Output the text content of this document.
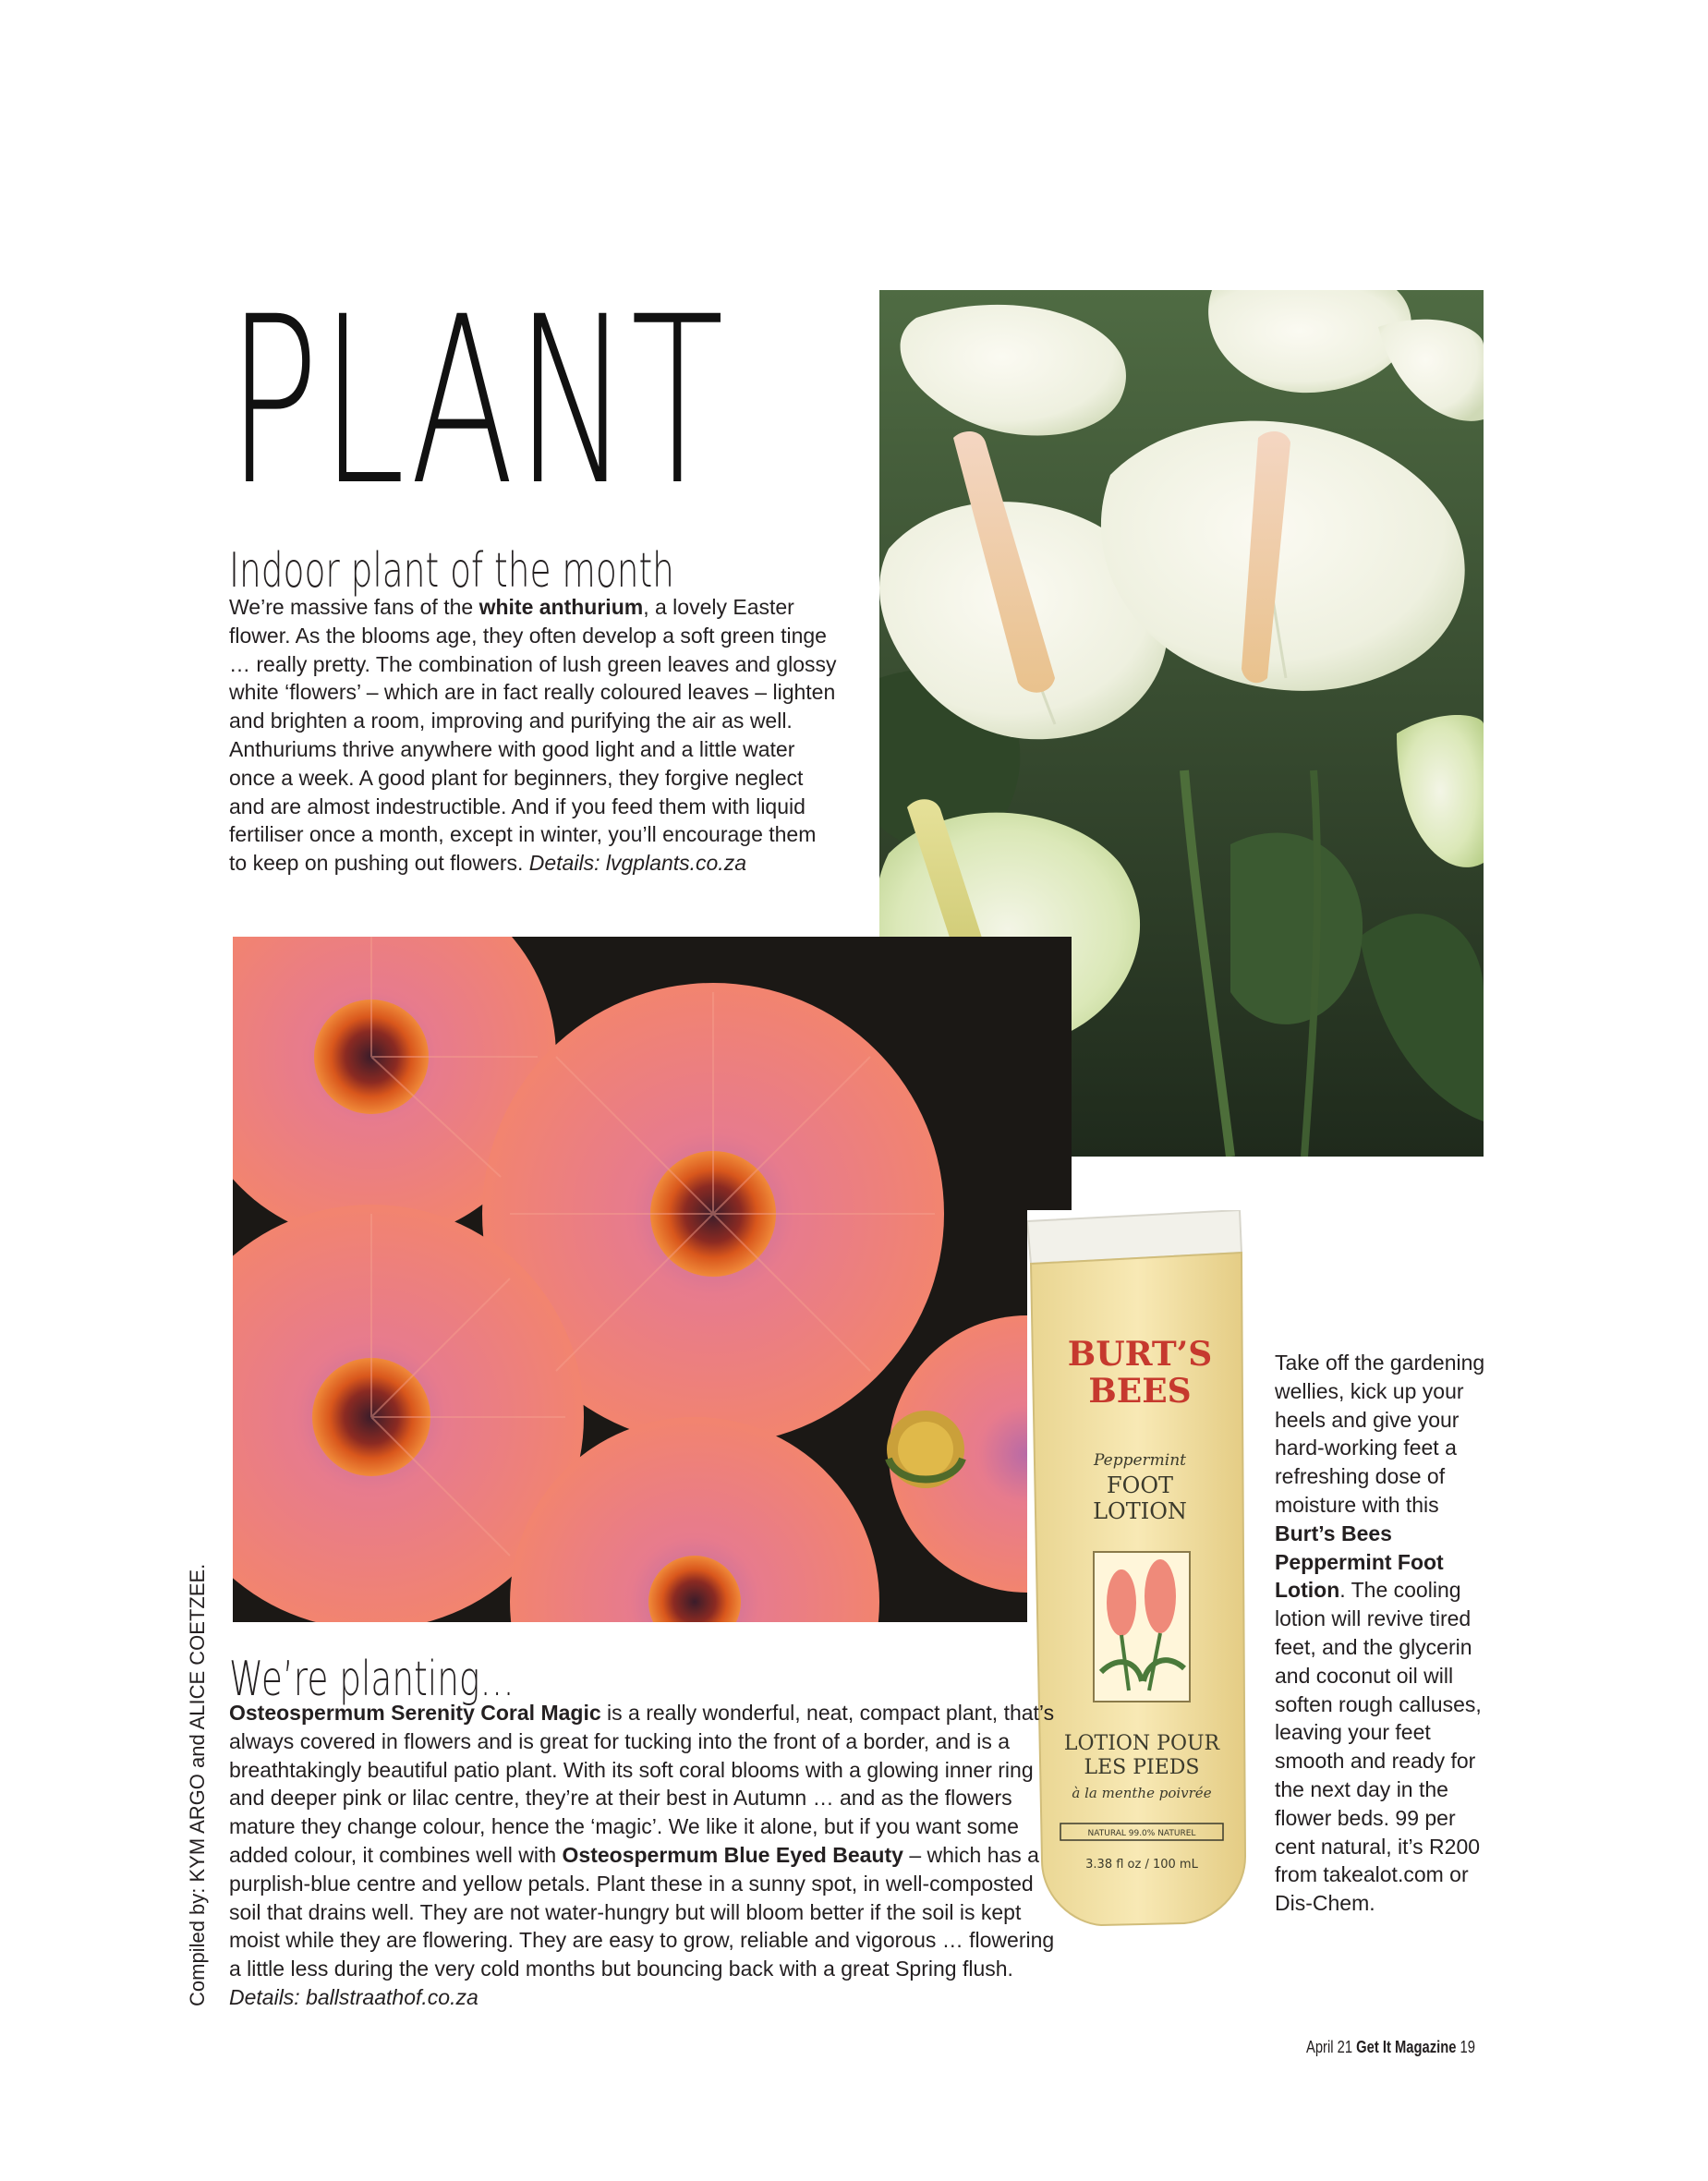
PLANT
Indoor plant of the month

We’re massive fans of the white anthurium, a lovely Easter flower. As the blooms age, they often develop a soft green tinge … really pretty. The combination of lush green leaves and glossy white ‘flowers’ – which are in fact really coloured leaves – lighten and brighten a room, improving and purifying the air as well. Anthuriums thrive anywhere with good light and a little water once a week. A good plant for beginners, they forgive neglect and are almost indestructible. And if you feed them with liquid fertiliser once a month, except in winter, you’ll encourage them to keep on pushing out flowers. Details: lvgplants.co.za

BURT’S
BEES
Peppermint
FOOT
LOTION
LOTION POUR
LES PIEDS
à la menthe poivrée
NATURAL 99.0% NATUREL
3.38 fl oz / 100 mL

Take off the gardening wellies, kick up your heels and give your hard-working feet a refreshing dose of moisture with this Burt’s Bees Peppermint Foot Lotion. The cooling lotion will revive tired feet, and the glycerin and coconut oil will soften rough calluses, leaving your feet smooth and ready for the next day in the flower beds. 99 per cent natural, it’s R200 from takealot.com or Dis-Chem.

We’re planting…

Osteospermum Serenity Coral Magic is a really wonderful, neat, compact plant, that’s always covered in flowers and is great for tucking into the front of a border, and is a breathtakingly beautiful patio plant. With its soft coral blooms with a glowing inner ring and deeper pink or lilac centre, they’re at their best in Autumn … and as the flowers mature they change colour, hence the ‘magic’. We like it alone, but if you want some added colour, it combines well with Osteospermum Blue Eyed Beauty – which has a purplish-blue centre and yellow petals. Plant these in a sunny spot, in well-composted soil that drains well. They are not water-hungry but will bloom better if the soil is kept moist while they are flowering. They are easy to grow, reliable and vigorous … flowering a little less during the very cold months but bouncing back with a great Spring flush. Details: ballstraathof.co.za

Compiled by: KYM ARGO and ALICE COETZEE.
April 21 Get It Magazine 19
